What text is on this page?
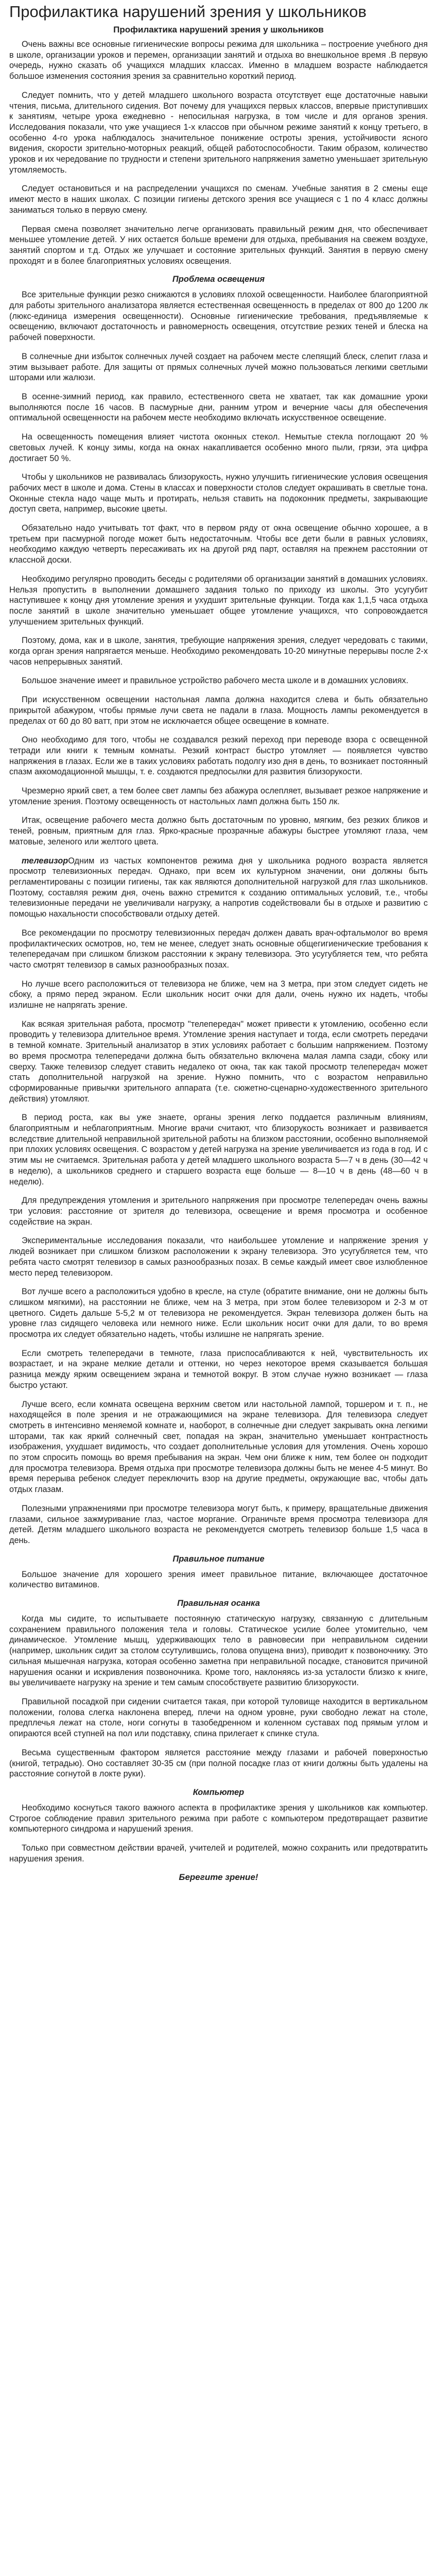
Профилактика нарушений зрения у школьников
Профилактика нарушений зрения у школьников

Очень важны все основные гигиенические вопросы режима для школьника – построение учебного дня в школе, организации уроков и перемен, организации занятий и отдыха во внешкольное время .В первую очередь, нужно сказать об учащихся младших классах. Именно в младшем возрасте наблюдается большое изменения состояния зрения за сравнительно короткий период.

Следует помнить, что у детей младшего школьного возраста отсутствует еще достаточные навыки чтения, письма, длительного сидения. Вот почему для учащихся первых классов, впервые приступивших к занятиям, четыре урока ежедневно - непосильная нагрузка, в том числе и для органов зрения. Исследования показали, что уже учащиеся 1-х классов при обычном режиме занятий к концу третьего, в особенно 4-го урока наблюдалось значительное понижение остроты зрения, устойчивости ясного видения, скорости зрительно-моторных реакций, общей работоспособности. Таким образом, количество уроков и их чередование по трудности и степени зрительного напряжения заметно уменьшает зрительную утомляемость.

Следует остановиться и на распределении учащихся по сменам. Учебные занятия в 2 смены еще имеют место в наших школах. С позиции гигиены детского зрения все учащиеся с 1 по 4 класс должны заниматься только в первую смену.

Первая смена позволяет значительно легче организовать правильный режим дня, что обеспечивает меньшее утомление детей. У них остается больше времени для отдыха, пребывания на свежем воздухе, занятий спортом и т.д. Отдых же улучшает и состояние зрительных функций. Занятия в первую смену проходят и в более благоприятных условиях освещения.

Проблема освещения

Все зрительные функции резко снижаются в условиях плохой освещенности. Наиболее благоприятной для работы зрительного анализатора является естественная освещенность в пределах от 800 до 1200 лк (люкс-единица измерения освещенности). Основные гигиенические требования, предъявляемые к освещению, включают достаточность и равномерность освещения, отсутствие резких теней и блеска на рабочей поверхности.

В солнечные дни избыток солнечных лучей создает на рабочем месте слепящий блеск, слепит глаза и этим вызывает работе. Для защиты от прямых солнечных лучей можно пользоваться легкими светлыми шторами или жалюзи.

В осенне-зимний период, как правило, естественного света не хватает, так как домашние уроки выполняются после 16 часов. В пасмурные дни, ранним утром и вечерние часы для обеспечения оптимальной освещенности на рабочем месте необходимо включать искусственное освещение.

На освещенность помещения влияет чистота оконных стекол. Немытые стекла поглощают 20 % световых лучей. К концу зимы, когда на окнах накапливается особенно много пыли, грязи, эта цифра достигает 50 %.

Чтобы у школьников не развивалась близорукость, нужно улучшить гигиенические условия освещения рабочих мест в школе и дома. Стены в классах и поверхности столов следует окрашивать в светлые тона. Оконные стекла надо чаще мыть и протирать, нельзя ставить на подоконник предметы, закрывающие доступ света, например, высокие цветы.

Обязательно надо учитывать тот факт, что в первом ряду от окна освещение обычно хорошее, а в третьем при пасмурной погоде может быть недостаточным. Чтобы все дети были в равных условиях, необходимо каждую четверть пересаживать их на другой ряд парт, оставляя на прежнем расстоянии от классной доски.

Необходимо регулярно проводить беседы с родителями об организации занятий в домашних условиях. Нельзя пропустить в выполнении домашнего задания только по приходу из школы. Это усугубит наступившее к концу дня утомление зрения и ухудшит зрительные функции. Тогда как 1,1,5 часа отдыха после занятий в школе значительно уменьшает общее утомление учащихся, что сопровождается улучшением зрительных функций.

Поэтому, дома, как и в школе, занятия, требующие напряжения зрения, следует чередовать с такими, когда орган зрения напрягается меньше. Необходимо рекомендовать 10-20 минутные перерывы после 2-х часов непрерывных занятий.

Большое значение имеет и правильное устройство рабочего места школе и в домашних условиях.

При искусственном освещении настольная лампа должна находится слева и быть обязательно прикрытой абажуром, чтобы прямые лучи света не падали в глаза. Мощность лампы рекомендуется в пределах от 60 до 80 ватт, при этом не исключается общее освещение в комнате.

Оно необходимо для того, чтобы не создавался резкий переход при переводе взора с освещенной тетради или книги к темным комнаты. Резкий контраст быстро утомляет — появляется чувство напряжения в глазах. Если же в таких условиях работать подолгу изо дня в день, то возникает постоянный спазм аккомодационной мышцы, т. е. создаются предпосылки для развития близорукости.

Чрезмерно яркий свет, а тем более свет лампы без абажура ослепляет, вызывает резкое напряжение и утомление зрения. Поэтому освещенность от настольных ламп должна быть 150 лк.

Итак, освещение рабочего места должно быть достаточным по уровню, мягким, без резких бликов и теней, ровным, приятным для глаз. Ярко-красные прозрачные абажуры быстрее утомляют глаза, чем матовые, зеленого или желтого цвета.

телевизорОдним из частых компонентов режима дня у школьника родного возраста является просмотр телевизионных передач. Однако, при всем их культурном значении, они должны быть регламентированы с позиции гигиены, так как являются дополнительной нагрузкой для глаз школьников. Поэтому, составляя режим дня, очень важно стремится к созданию оптимальных условий, т.е., чтобы телевизионные передачи не увеличивали нагрузку, а напротив содействовали бы в отдыхе и развитию с помощью нахальности способствовали отдыху детей.

Все рекомендации по просмотру телевизионных передач должен давать врач-офтальмолог во время профилактических осмотров, но, тем не менее, следует знать основные общегигиенические требования к телепередачам при слишком близком расстоянии к экрану телевизора. Это усугубляется тем, что ребята часто смотрят телевизор в самых разнообразных позах.

Но лучше всего расположиться от телевизора не ближе, чем на 3 метра, при этом следует сидеть не сбоку, а прямо перед экраном. Если школьник носит очки для дали, очень нужно их надеть, чтобы излишне не напрягать зрение.

Как всякая зрительная работа, просмотр "телепередач" может привести к утомлению, особенно если проводить у телевизора длительное время. Утомление зрения наступает и тогда, если смотреть передачи в темной комнате. Зрительный анализатор в этих условиях работает с большим напряжением. Поэтому во время просмотра телепередачи должна быть обязательно включена малая лампа сзади, сбоку или сверху. Также телевизор следует ставить недалеко от окна, так как такой просмотр телепередач может стать дополнительной нагрузкой на зрение. Нужно помнить, что с возрастом неправильно сформированные привычки зрительного аппарата (т.е. сюжетно-сценарно-художественного зрительного действия) утомляют.

В период роста, как вы уже знаете, органы зрения легко поддается различным влияниям, благоприятным и неблагоприятным. Многие врачи считают, что близорукость возникает и развивается вследствие длительной неправильной зрительной работы на близком расстоянии, особенно выполняемой при плохих условиях освещения. С возрастом у детей нагрузка на зрение увеличивается из года в год. И с этим мы не считаемся. Зрительная работа у детей младшего школьного возраста 5—7 ч в день (30—42 ч в неделю), а школьников среднего и старшего возраста еще больше — 8—10 ч в день (48—60 ч в неделю).

Для предупреждения утомления и зрительного напряжения при просмотре телепередач очень важны три условия: расстояние от зрителя до телевизора, освещение и время просмотра и особенное содействие на экран.

Экспериментальные исследования показали, что наибольшее утомление и напряжение зрения у людей возникает при слишком близком расположении к экрану телевизора. Это усугубляется тем, что ребята часто смотрят телевизор в самых разнообразных позах. В семье каждый имеет свое излюбленное место перед телевизором.

Вот лучше всего а расположиться удобно в кресле, на стуле (обратите внимание, они не должны быть слишком мягкими), на расстоянии не ближе, чем на 3 метра, при этом более телевизором и 2-3 м от цветного. Сидеть дальше 5-5,2 м от телевизора не рекомендуется. Экран телевизора должен быть на уровне глаз сидящего человека или немного ниже. Если школьник носит очки для дали, то во время просмотра их следует обязательно надеть, чтобы излишне не напрягать зрение.

Если смотреть телепередачи в темноте, глаза приспосабливаются к ней, чувствительность их возрастает, и на экране мелкие детали и оттенки, но через некоторое время сказывается большая разница между ярким освещением экрана и темнотой вокруг. В этом случае нужно возникает — глаза быстро устают.

Лучше всего, если комната освещена верхним светом или настольной лампой, торшером и т. п., не находящейся в поле зрения и не отражающимися на экране телевизора. Для телевизора следует смотреть в интенсивно меняемой комнате и, наоборот, в солнечные дни следует закрывать окна легкими шторами, так как яркий солнечный свет, попадая на экран, значительно уменьшает контрастность изображения, ухудшает видимость, что создает дополнительные условия для утомления. Очень хорошо по этом спросить помощь во время пребывания на экран. Чем они ближе к ним, тем более он подходит для просмотра телевизора. Время отдыха при просмотре телевизора должны быть не менее 4-5 минут. Во время перерыва ребенок следует переключить взор на другие предметы, окружающие вас, чтобы дать отдых глазам.

Полезными упражнениями при просмотре телевизора могут быть, к примеру, вращательные движения глазами, сильное зажмуривание глаз, частое моргание. Ограничьте время просмотра телевизора для детей. Детям младшего школьного возраста не рекомендуется смотреть телевизор больше 1,5 часа в день.

Правильное питание

Большое значение для хорошего зрения имеет правильное питание, включающее достаточное количество витаминов.

Правильная осанка

Когда мы сидите, то испытываете постоянную статическую нагрузку, связанную с длительным сохранением правильного положения тела и головы. Статическое усилие более утомительно, чем динамическое. Утомление мышц, удерживающих тело в равновесии при неправильном сидении (например, школьник сидит за столом ссутулившись, голова опущена вниз), приводит к позвоночнику. Это сильная мышечная нагрузка, которая особенно заметна при неправильной посадке, становится причиной нарушения осанки и искривления позвоночника. Кроме того, наклоняясь из-за усталости близко к книге, вы увеличиваете нагрузку на зрение и тем самым способствуете развитию близорукости.

Правильной посадкой при сидении считается такая, при которой туловище находится в вертикальном положении, голова слегка наклонена вперед, плечи на одном уровне, руки свободно лежат на столе, предплечья лежат на столе, ноги согнуты в тазобедренном и коленном суставах под прямым углом и опираются всей ступней на пол или подставку, спина прилегает к спинке стула.

Весьма существенным фактором является расстояние между глазами и рабочей поверхностью (книгой, тетрадью). Оно составляет 30-35 см (при полной посадке глаз от книги должны быть удалены на расстояние согнутой в локте руки).

Компьютер

Необходимо коснуться такого важного аспекта в профилактике зрения у школьников как компьютер. Строгое соблюдение правил зрительного режима при работе с компьютером предотвращает развитие компьютерного синдрома и нарушений зрения.

Только при совместном действии врачей, учителей и родителей, можно сохранить или предотвратить нарушения зрения.

Берегите зрение!
